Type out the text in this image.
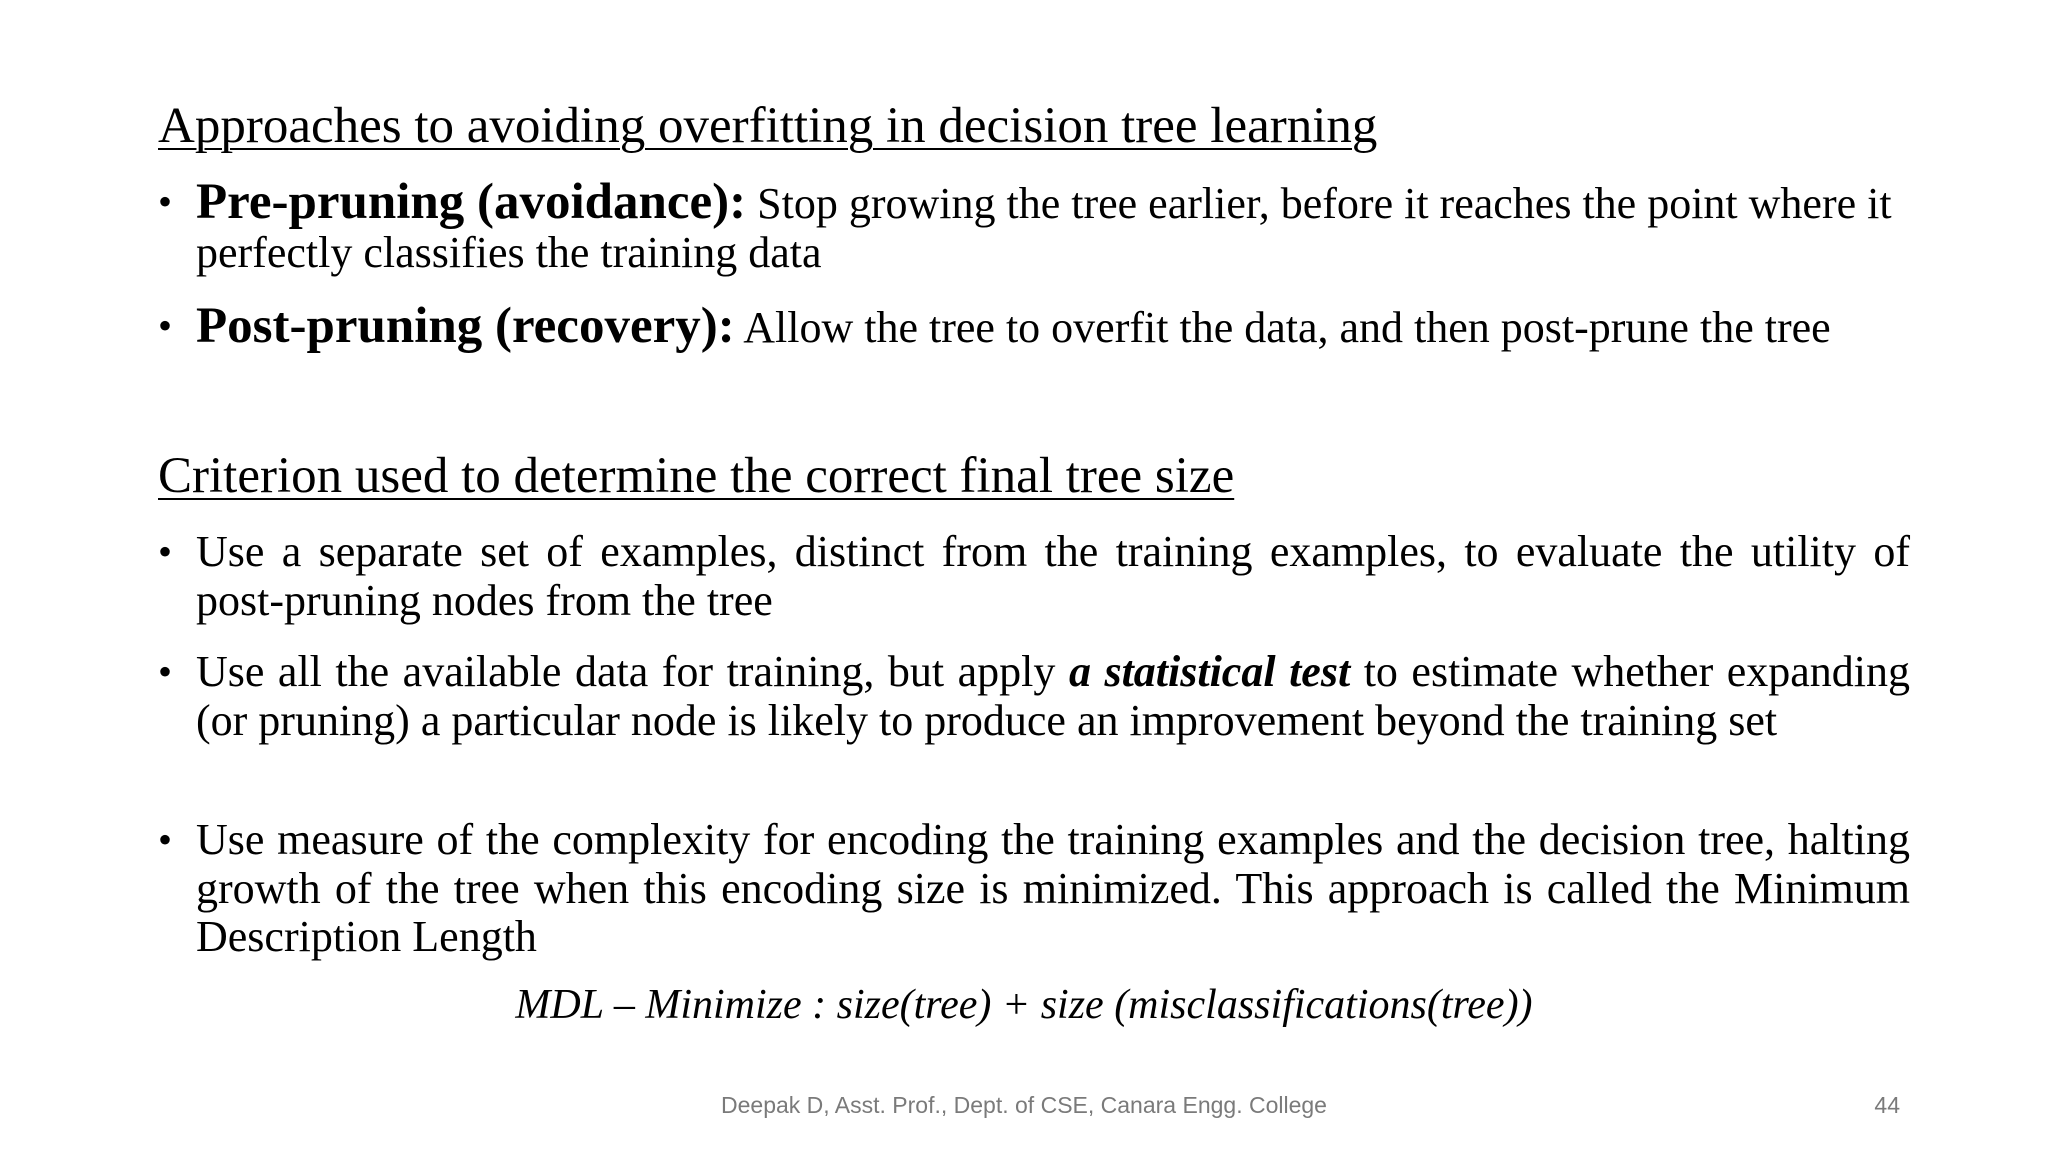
Approaches to avoiding overfitting in decision tree learning
• Pre-pruning (avoidance): Stop growing the tree earlier, before it reaches the point where it perfectly classifies the training data
• Post-pruning (recovery): Allow the tree to overfit the data, and then post-prune the tree
Criterion used to determine the correct final tree size
• Use a separate set of examples, distinct from the training examples, to evaluate the utility of post-pruning nodes from the tree
• Use all the available data for training, but apply a statistical test to estimate whether expanding (or pruning) a particular node is likely to produce an improvement beyond the training set
• Use measure of the complexity for encoding the training examples and the decision tree, halting growth of the tree when this encoding size is minimized. This approach is called the Minimum Description Length
MDL – Minimize : size(tree) + size (misclassifications(tree))
Deepak D, Asst. Prof., Dept. of CSE, Canara Engg. College	44
